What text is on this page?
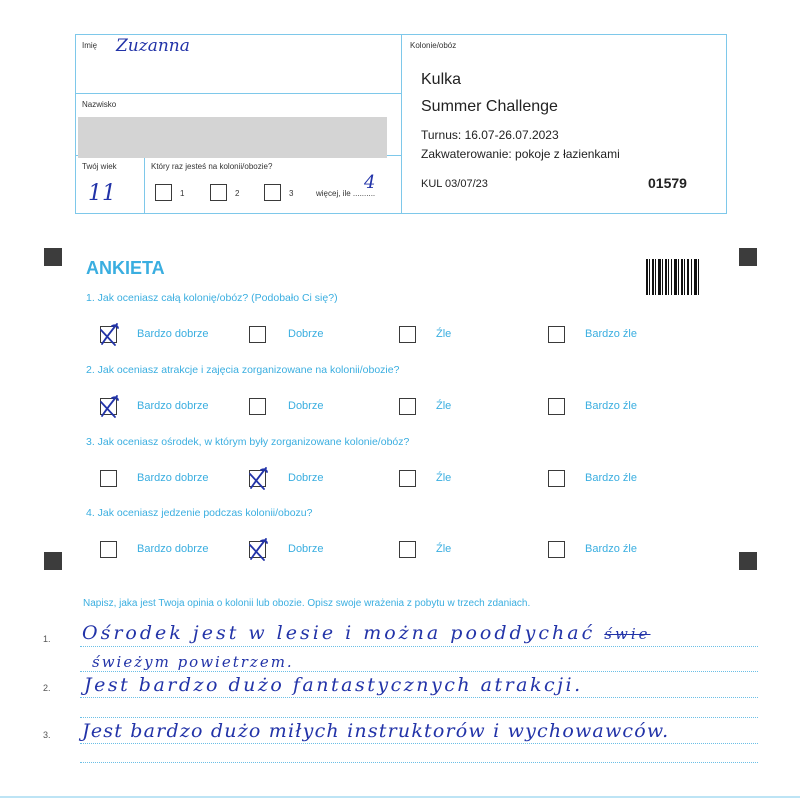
Imię Zuzanna
Nazwisko
Twój wiek
11
Który raz jesteś na kolonii/obozie?
1	2	3	więcej, ile ..........
4
Kolonie/obóz
Kulka
Summer Challenge
Turnus: 16.07-26.07.2023
Zakwaterowanie: pokoje z łazienkami
KUL 03/07/23	01579
ANKIETA
1. Jak oceniasz całą kolonię/obóz? (Podobało Ci się?)
Bardzo dobrze	Dobrze	Źle	Bardzo źle
2. Jak oceniasz atrakcje i zajęcia zorganizowane na kolonii/obozie?
Bardzo dobrze	Dobrze	Źle	Bardzo źle
3. Jak oceniasz ośrodek, w którym były zorganizowane kolonie/obóz?
Bardzo dobrze	Dobrze	Źle	Bardzo źle
4. Jak oceniasz jedzenie podczas kolonii/obozu?
Bardzo dobrze	Dobrze	Źle	Bardzo źle
Napisz, jaka jest Twoja opinia o kolonii lub obozie. Opisz swoje wrażenia z pobytu w trzech zdaniach.
1.
2.
3.
Ośrodek jest w lesie i można pooddychać świe
świeżym powietrzem.
Jest bardzo dużo fantastycznych atrakcji.
Jest bardzo dużo miłych instruktorów i wychowawców.
